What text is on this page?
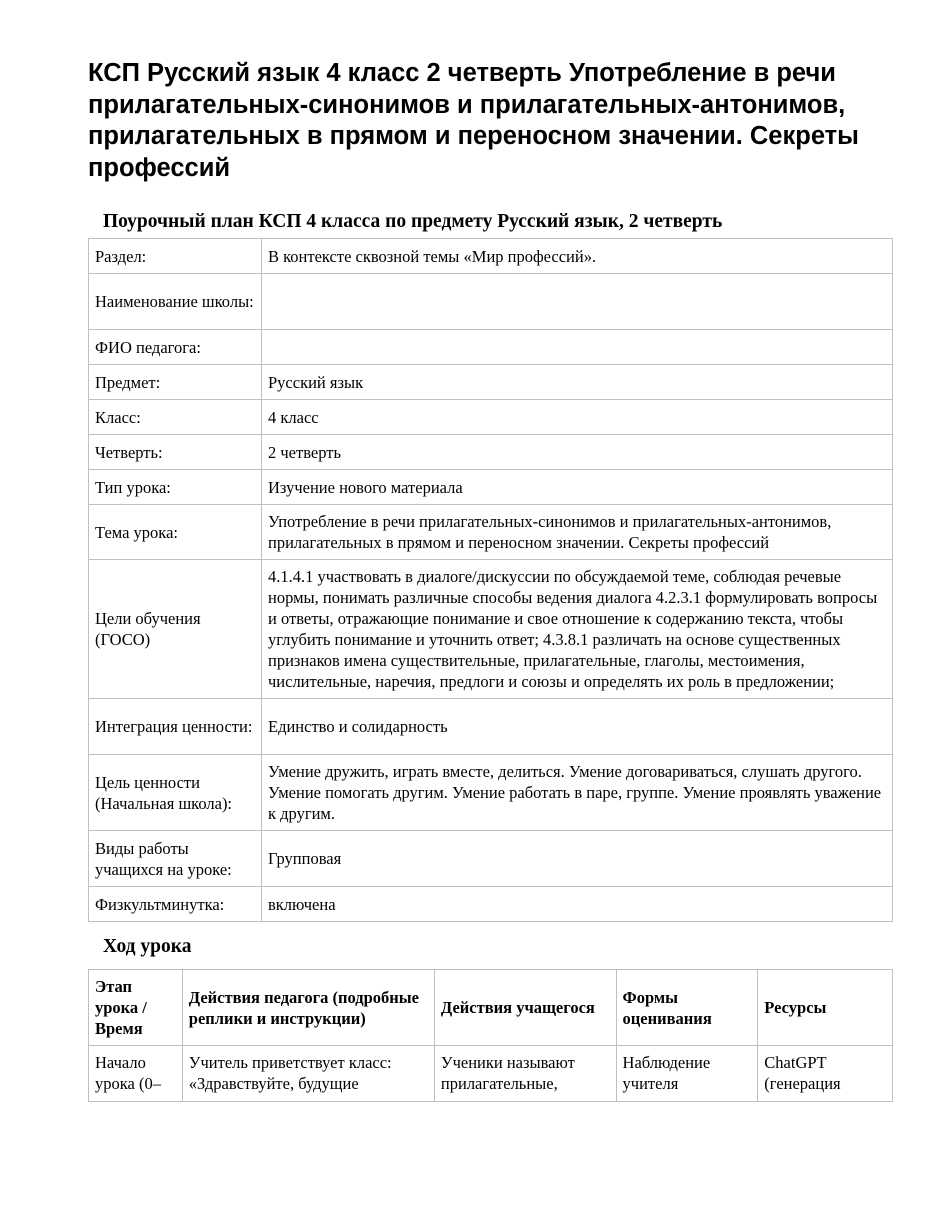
КСП Русский язык 4 класс 2 четверть Употребление в речи прилагательных-синонимов и прилагательных-антонимов, прилагательных в прямом и переносном значении. Секреты профессий
Поурочный план КСП 4 класса по предмету Русский язык, 2 четверть
Раздел:	В контексте сквозной темы «Мир профессий».
Наименование школы:	
ФИО педагога:	
Предмет:	Русский язык
Класс:	4 класс
Четверть:	2 четверть
Тип урока:	Изучение нового материала
Тема урока:	Употребление в речи прилагательных-синонимов и прилагательных-антонимов, прилагательных в прямом и переносном значении. Секреты профессий
Цели обучения (ГОСО)	4.1.4.1 участвовать в диалоге/дискуссии по обсуждаемой теме, соблюдая речевые нормы, понимать различные способы ведения диалога 4.2.3.1 формулировать вопросы и ответы, отражающие понимание и свое отношение к содержанию текста, чтобы углубить понимание и уточнить ответ; 4.3.8.1 различать на основе существенных признаков имена существительные, прилагательные, глаголы, местоимения, числительные, наречия, предлоги и союзы и определять их роль в предложении;
Интеграция ценности:	Единство и солидарность
Цель ценности (Начальная школа):	Умение дружить, играть вместе, делиться. Умение договариваться, слушать другого. Умение помогать другим. Умение работать в паре, группе. Умение проявлять уважение к другим.
Виды работы учащихся на уроке:	Групповая
Физкультминутка:	включена
Ход урока
Этап урока / Время	Действия педагога (подробные реплики и инструкции)	Действия учащегося	Формы оценивания	Ресурсы
Начало урока (0–	Учитель приветствует класс: «Здравствуйте, будущие	Ученики называют прилагательные,	Наблюдение учителя	ChatGPT (генерация
